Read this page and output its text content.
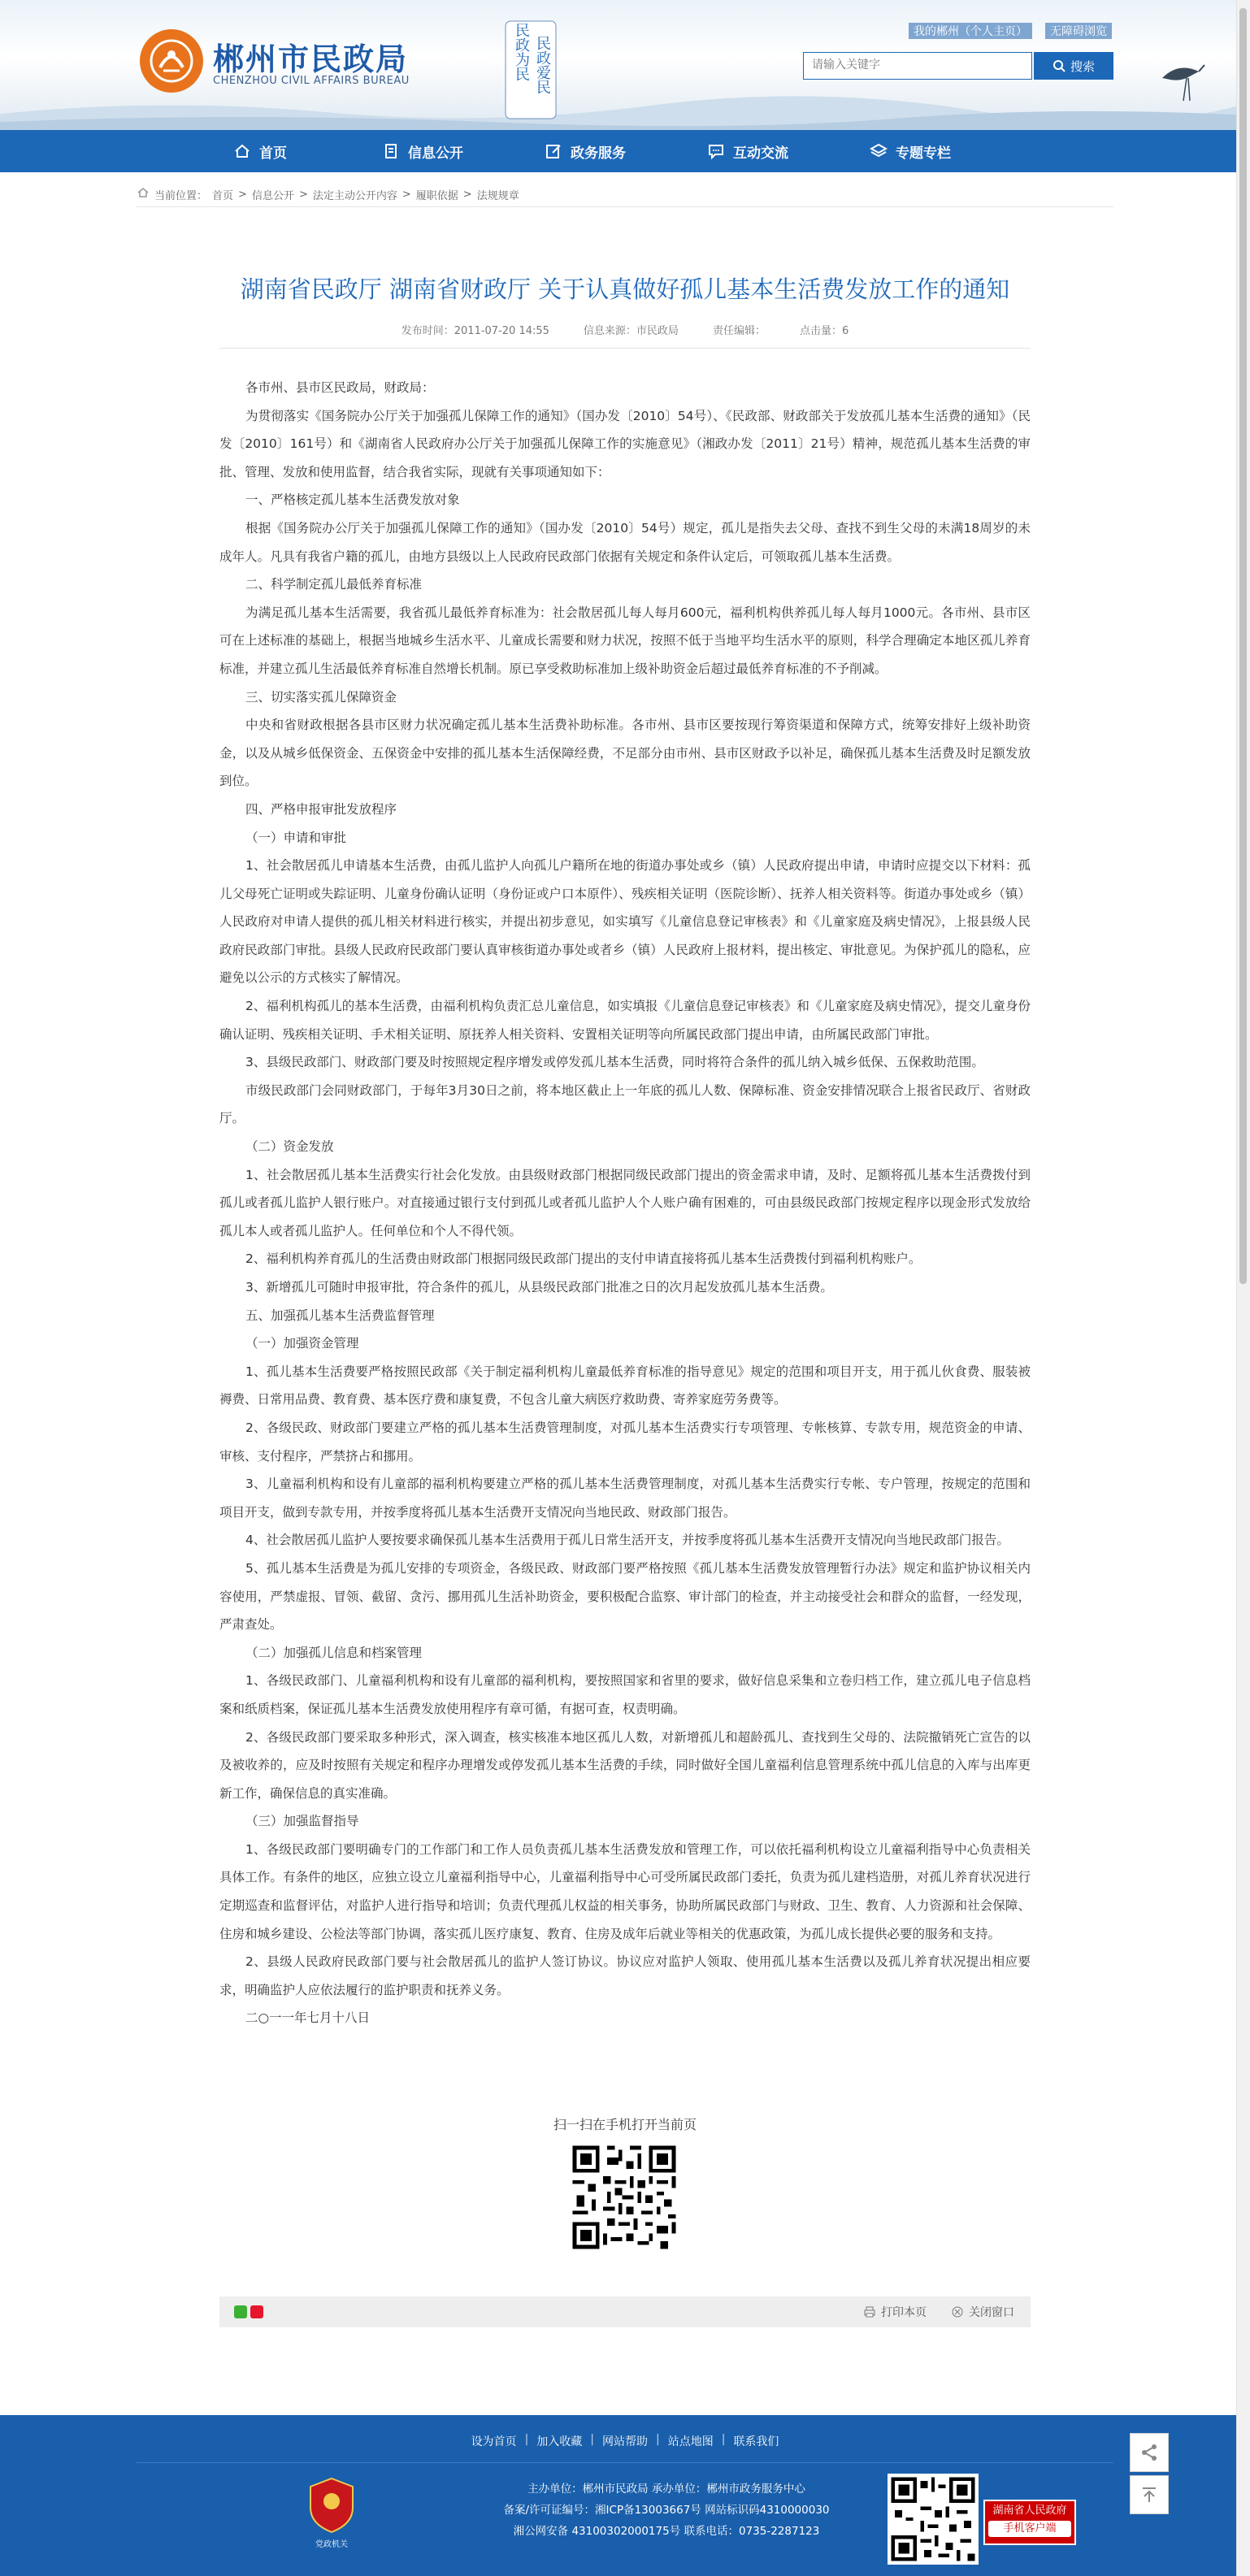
郴州市民政局
CHENZHOU CIVIL AFFAIRS BUREAU	民政为民 民政爱民
我的郴州（个人主页）	无障碍浏览
请输入关键字
搜索
首页	信息公开	政务服务	互动交流	专题专栏
当前位置： 首页 > 信息公开 > 法定主动公开内容 > 履职依据 > 法规规章
湖南省民政厅 湖南省财政厅 关于认真做好孤儿基本生活费发放工作的通知
发布时间：2011-07-20 14:55	信息来源：市民政局	责任编辑：	点击量：6

各市州、县市区民政局，财政局：

为贯彻落实《国务院办公厅关于加强孤儿保障工作的通知》（国办发〔2010〕54号）、《民政部、财政部关于发放孤儿基本生活费的通知》（民发〔2010〕161号）和《湖南省人民政府办公厅关于加强孤儿保障工作的实施意见》（湘政办发〔2011〕21号）精神，规范孤儿基本生活费的审批、管理、发放和使用监督，结合我省实际，现就有关事项通知如下：

一、严格核定孤儿基本生活费发放对象

根据《国务院办公厅关于加强孤儿保障工作的通知》（国办发〔2010〕54号）规定，孤儿是指失去父母、查找不到生父母的未满18周岁的未成年人。凡具有我省户籍的孤儿，由地方县级以上人民政府民政部门依据有关规定和条件认定后，可领取孤儿基本生活费。

二、科学制定孤儿最低养育标准

为满足孤儿基本生活需要，我省孤儿最低养育标准为：社会散居孤儿每人每月600元，福利机构供养孤儿每人每月1000元。各市州、县市区可在上述标准的基础上，根据当地城乡生活水平、儿童成长需要和财力状况，按照不低于当地平均生活水平的原则，科学合理确定本地区孤儿养育标准，并建立孤儿生活最低养育标准自然增长机制。原已享受救助标准加上级补助资金后超过最低养育标准的不予削减。

三、切实落实孤儿保障资金

中央和省财政根据各县市区财力状况确定孤儿基本生活费补助标准。各市州、县市区要按现行筹资渠道和保障方式，统筹安排好上级补助资金，以及从城乡低保资金、五保资金中安排的孤儿基本生活保障经费，不足部分由市州、县市区财政予以补足，确保孤儿基本生活费及时足额发放到位。

四、严格申报审批发放程序

（一）申请和审批

1、社会散居孤儿申请基本生活费，由孤儿监护人向孤儿户籍所在地的街道办事处或乡（镇）人民政府提出申请，申请时应提交以下材料：孤儿父母死亡证明或失踪证明、儿童身份确认证明（身份证或户口本原件）、残疾相关证明（医院诊断）、抚养人相关资料等。街道办事处或乡（镇）人民政府对申请人提供的孤儿相关材料进行核实，并提出初步意见，如实填写《儿童信息登记审核表》和《儿童家庭及病史情况》，上报县级人民政府民政部门审批。县级人民政府民政部门要认真审核街道办事处或者乡（镇）人民政府上报材料，提出核定、审批意见。为保护孤儿的隐私，应避免以公示的方式核实了解情况。

2、福利机构孤儿的基本生活费，由福利机构负责汇总儿童信息，如实填报《儿童信息登记审核表》和《儿童家庭及病史情况》，提交儿童身份确认证明、残疾相关证明、手术相关证明、原抚养人相关资料、安置相关证明等向所属民政部门提出申请，由所属民政部门审批。

3、县级民政部门、财政部门要及时按照规定程序增发或停发孤儿基本生活费，同时将符合条件的孤儿纳入城乡低保、五保救助范围。

市级民政部门会同财政部门，于每年3月30日之前，将本地区截止上一年底的孤儿人数、保障标准、资金安排情况联合上报省民政厅、省财政厅。

（二）资金发放

1、社会散居孤儿基本生活费实行社会化发放。由县级财政部门根据同级民政部门提出的资金需求申请，及时、足额将孤儿基本生活费拨付到孤儿或者孤儿监护人银行账户。对直接通过银行支付到孤儿或者孤儿监护人个人账户确有困难的，可由县级民政部门按规定程序以现金形式发放给孤儿本人或者孤儿监护人。任何单位和个人不得代领。

2、福利机构养育孤儿的生活费由财政部门根据同级民政部门提出的支付申请直接将孤儿基本生活费拨付到福利机构账户。

3、新增孤儿可随时申报审批，符合条件的孤儿，从县级民政部门批准之日的次月起发放孤儿基本生活费。

五、加强孤儿基本生活费监督管理

（一）加强资金管理

1、孤儿基本生活费要严格按照民政部《关于制定福利机构儿童最低养育标准的指导意见》规定的范围和项目开支，用于孤儿伙食费、服装被褥费、日常用品费、教育费、基本医疗费和康复费，不包含儿童大病医疗救助费、寄养家庭劳务费等。

2、各级民政、财政部门要建立严格的孤儿基本生活费管理制度，对孤儿基本生活费实行专项管理、专帐核算、专款专用，规范资金的申请、审核、支付程序，严禁挤占和挪用。

3、儿童福利机构和设有儿童部的福利机构要建立严格的孤儿基本生活费管理制度，对孤儿基本生活费实行专帐、专户管理，按规定的范围和项目开支，做到专款专用，并按季度将孤儿基本生活费开支情况向当地民政、财政部门报告。

4、社会散居孤儿监护人要按要求确保孤儿基本生活费用于孤儿日常生活开支，并按季度将孤儿基本生活费开支情况向当地民政部门报告。

5、孤儿基本生活费是为孤儿安排的专项资金，各级民政、财政部门要严格按照《孤儿基本生活费发放管理暂行办法》规定和监护协议相关内容使用，严禁虚报、冒领、截留、贪污、挪用孤儿生活补助资金，要积极配合监察、审计部门的检查，并主动接受社会和群众的监督，一经发现，严肃查处。

（二）加强孤儿信息和档案管理

1、各级民政部门、儿童福利机构和设有儿童部的福利机构，要按照国家和省里的要求，做好信息采集和立卷归档工作，建立孤儿电子信息档案和纸质档案，保证孤儿基本生活费发放使用程序有章可循，有据可查，权责明确。

2、各级民政部门要采取多种形式，深入调查，核实核准本地区孤儿人数，对新增孤儿和超龄孤儿、查找到生父母的、法院撤销死亡宣告的以及被收养的，应及时按照有关规定和程序办理增发或停发孤儿基本生活费的手续，同时做好全国儿童福利信息管理系统中孤儿信息的入库与出库更新工作，确保信息的真实准确。

（三）加强监督指导

1、各级民政部门要明确专门的工作部门和工作人员负责孤儿基本生活费发放和管理工作，可以依托福利机构设立儿童福利指导中心负责相关具体工作。有条件的地区，应独立设立儿童福利指导中心，儿童福利指导中心可受所属民政部门委托，负责为孤儿建档造册，对孤儿养育状况进行定期巡查和监督评估，对监护人进行指导和培训；负责代理孤儿权益的相关事务，协助所属民政部门与财政、卫生、教育、人力资源和社会保障、住房和城乡建设、公检法等部门协调，落实孤儿医疗康复、教育、住房及成年后就业等相关的优惠政策，为孤儿成长提供必要的服务和支持。

2、县级人民政府民政部门要与社会散居孤儿的监护人签订协议。协议应对监护人领取、使用孤儿基本生活费以及孤儿养育状况提出相应要求，明确监护人应依法履行的监护职责和抚养义务。

二○一一年七月十八日

扫一扫在手机打开当前页
打印本页	关闭窗口
设为首页 | 加入收藏 | 网站帮助 | 站点地图 | 联系我们
党政机关
主办单位：郴州市民政局 承办单位：郴州市政务服务中心
备案/许可证编号：湘ICP备13003667号 网站标识码4310000030
湘公网安备 43100302000175号 联系电话：0735-2287123
湖南省人民政府
手机客户端
